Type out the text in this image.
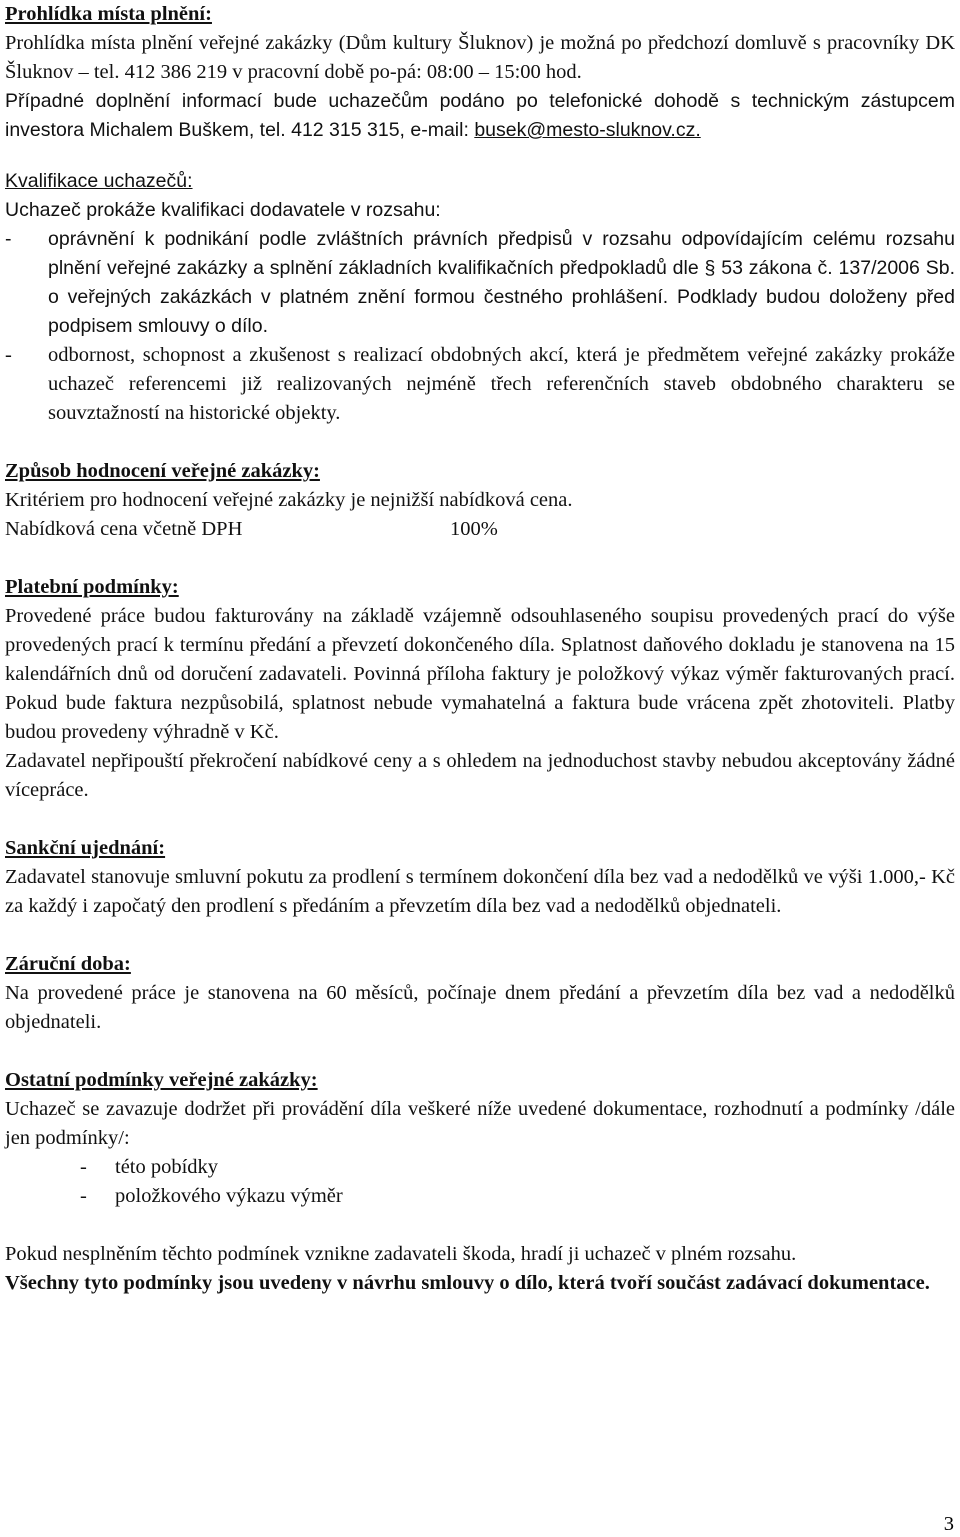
Prohlídka místa plnění:

Prohlídka místa plnění veřejné zakázky (Dům kultury Šluknov) je možná po předchozí domluvě s pracovníky DK Šluknov – tel. 412 386 219 v pracovní době po-pá: 08:00 – 15:00 hod.

Případné doplnění informací bude uchazečům podáno po telefonické dohodě s technickým zástupcem investora Michalem Buškem, tel. 412 315 315, e-mail: busek@mesto-sluknov.cz.

Kvalifikace uchazečů:

Uchazeč prokáže kvalifikaci dodavatele v rozsahu:

- oprávnění k podnikání podle zvláštních právních předpisů v rozsahu odpovídajícím celému rozsahu plnění veřejné zakázky a splnění základních kvalifikačních předpokladů dle § 53 zákona č. 137/2006 Sb. o veřejných zakázkách v platném znění formou čestného prohlášení. Podklady budou doloženy před podpisem smlouvy o dílo.
- odbornost, schopnost a zkušenost s realizací obdobných akcí, která je předmětem veřejné zakázky prokáže uchazeč referencemi již realizovaných nejméně třech referenčních staveb obdobného charakteru se souvztažností na historické objekty.

Způsob hodnocení veřejné zakázky:

Kritériem pro hodnocení veřejné zakázky je nejnižší nabídková cena.

Nabídková cena včetně DPH	100%

Platební podmínky:

Provedené práce budou fakturovány na základě vzájemně odsouhlaseného soupisu provedených prací do výše provedených prací k termínu předání a převzetí dokončeného díla. Splatnost daňového dokladu je stanovena na 15 kalendářních dnů od doručení zadavateli. Povinná příloha faktury je položkový výkaz výměr fakturovaných prací. Pokud bude faktura nezpůsobilá, splatnost nebude vymahatelná a faktura bude vrácena zpět zhotoviteli. Platby budou provedeny výhradně v Kč.

Zadavatel nepřipouští překročení nabídkové ceny a s ohledem na jednoduchost stavby nebudou akceptovány žádné vícepráce.

Sankční ujednání:

Zadavatel stanovuje smluvní pokutu za prodlení s termínem dokončení díla bez vad a nedodělků ve výši 1.000,- Kč za každý i započatý den prodlení s předáním a převzetím díla bez vad a nedodělků objednateli.

Záruční doba:

Na provedené práce je stanovena na 60 měsíců, počínaje dnem předání a převzetím díla bez vad a nedodělků objednateli.

Ostatní podmínky veřejné zakázky:

Uchazeč se zavazuje dodržet při provádění díla veškeré níže uvedené dokumentace, rozhodnutí a podmínky /dále jen podmínky/:

- této pobídky
- položkového výkazu výměr

Pokud nesplněním těchto podmínek vznikne zadavateli škoda, hradí ji uchazeč v plném rozsahu.

Všechny tyto podmínky jsou uvedeny v návrhu smlouvy o dílo, která tvoří součást zadávací dokumentace.

3
